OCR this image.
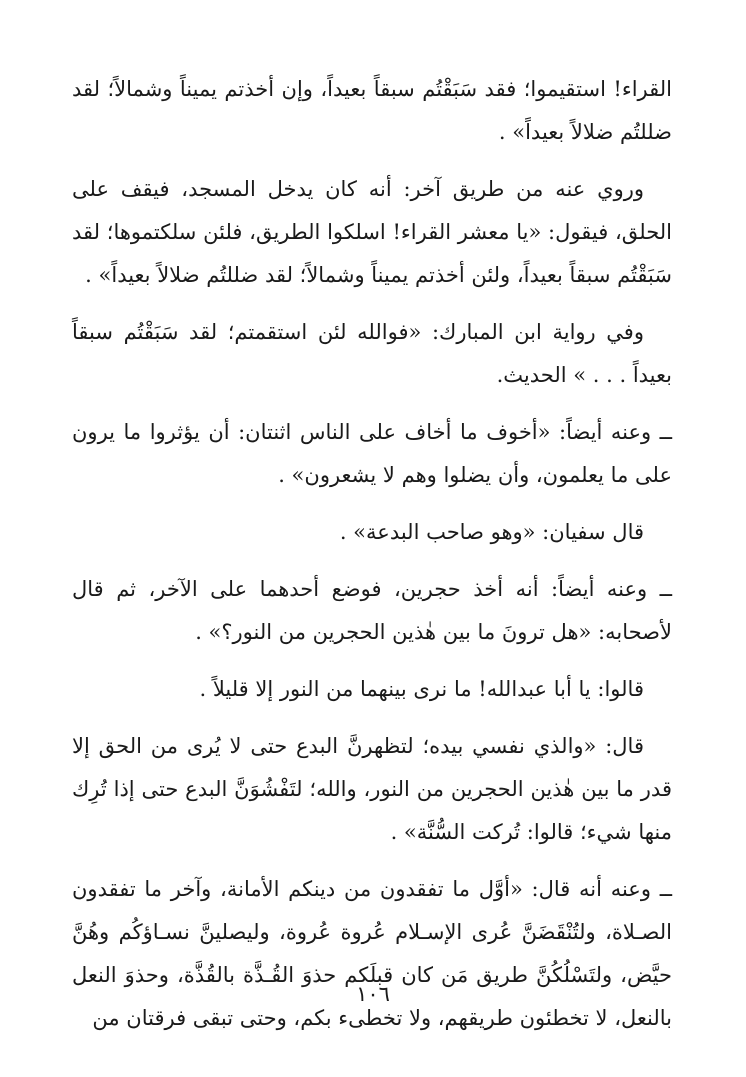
القراء! استقيموا؛ فقد سَبَقْتُم سبقاً بعيداً، وإن أخذتم يميناً وشمالاً؛ لقد ضللتُم ضلالاً بعيداً» .

وروي عنه من طريق آخر: أنه كان يدخل المسجد، فيقف على الحلق، فيقول: «يا معشر القراء! اسلكوا الطريق، فلئن سلكتموها؛ لقد سَبَقْتُم سبقاً بعيداً، ولئن أخذتم يميناً وشمالاً؛ لقد ضللتُم ضلالاً بعيداً» .

وفي رواية ابن المبارك: «فوالله لئن استقمتم؛ لقد سَبَقْتُم سبقاً بعيداً . . . » الحديث.

ــ وعنه أيضاً: «أخوف ما أخاف على الناس اثنتان: أن يؤثروا ما يرون على ما يعلمون، وأن يضلوا وهم لا يشعرون» .

قال سفيان: «وهو صاحب البدعة» .

ــ وعنه أيضاً: أنه أخذ حجرين، فوضع أحدهما على الآخر، ثم قال لأصحابه: «هل ترونَ ما بين هٰذين الحجرين من النور؟» .

قالوا: يا أبا عبدالله! ما نرى بينهما من النور إلا قليلاً .

قال: «والذي نفسي بيده؛ لتظهرنَّ البدع حتى لا يُرى من الحق إلا قدر ما بين هٰذين الحجرين من النور، والله؛ لتَفْشُوَنَّ البدع حتى إذا تُرِك منها شيء؛ قالوا: تُركت السُّنَّة» .

ــ وعنه أنه قال: «أوَّل ما تفقدون من دينكم الأمانة، وآخر ما تفقدون الصـلاة، ولتُنْقَضَنَّ عُرى الإسـلام عُروة عُروة، وليصلينَّ نسـاؤكُم وهُنَّ حيَّض، ولتَسْلُكُنَّ طريق مَن كان قبلَكم حذوَ القُـذَّة بالقُذَّة، وحذوَ النعل بالنعل، لا تخطئون طريقهم، ولا تخطىء بكم، وحتى تبقى فرقتان من

١٠٦
